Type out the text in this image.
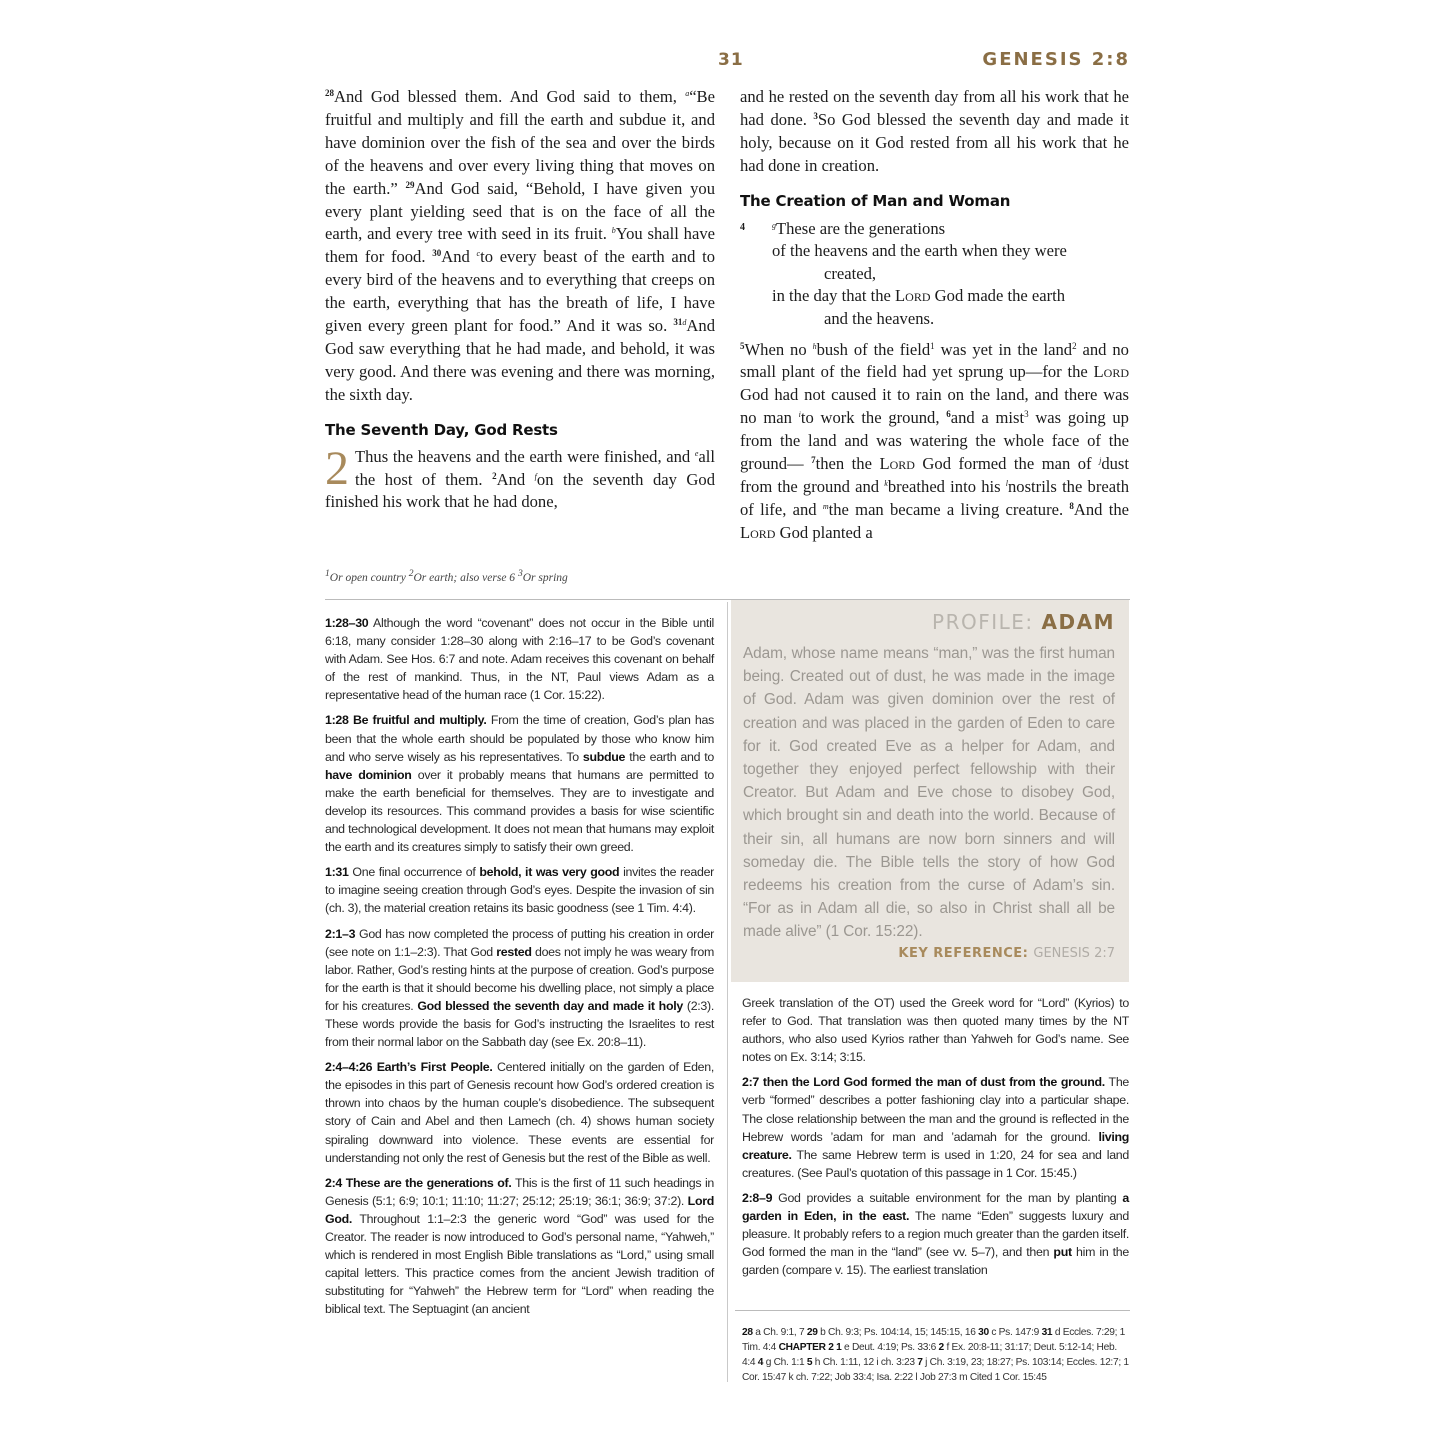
31	GENESIS 2:8

$^{28}$And God blessed them. And God said to them, $^a$“Be fruitful and multiply and fill the earth and subdue it, and have dominion over the fish of the sea and over the birds of the heavens and over every living thing that moves on the earth.” $^{29}$And God said, “Behold, I have given you every plant yielding seed that is on the face of all the earth, and every tree with seed in its fruit. $^b$You shall have them for food. $^{30}$And $^c$to every beast of the earth and to every bird of the heavens and to everything that creeps on the earth, everything that has the breath of life, I have given every green plant for food.” And it was so. $^{31d}$And God saw everything that he had made, and behold, it was very good. And there was evening and there was morning, the sixth day.

The Seventh Day, God Rests

2 Thus the heavens and the earth were finished, and $^e$all the host of them. $^2$And $^f$on the seventh day God finished his work that he had done,

and he rested on the seventh day from all his work that he had done. $^3$So God blessed the seventh day and made it holy, because on it God rested from all his work that he had done in creation.

The Creation of Man and Woman
4	$^g$These are the generations
of the heavens and the earth when they were
created,
in the day that the Lord God made the earth
and the heavens.

$^5$When no $^h$bush of the field$^1$ was yet in the land$^2$ and no small plant of the field had yet sprung up—for the Lord God had not caused it to rain on the land, and there was no man $^i$to work the ground, $^6$and a mist$^3$ was going up from the land and was watering the whole face of the ground— $^7$then the Lord God formed the man of $^j$dust from the ground and $^k$breathed into his $^l$nostrils the breath of life, and $^m$the man became a living creature. $^8$And the Lord God planted a

$^1$Or open country $^2$Or earth; also verse 6 $^3$Or spring

1:28–30 Although the word “covenant” does not occur in the Bible until 6:18, many consider 1:28–30 along with 2:16–17 to be God’s covenant with Adam. See Hos. 6:7 and note. Adam receives this covenant on behalf of the rest of mankind. Thus, in the NT, Paul views Adam as a representative head of the human race (1 Cor. 15:22).

1:28 Be fruitful and multiply. From the time of creation, God’s plan has been that the whole earth should be populated by those who know him and who serve wisely as his representatives. To subdue the earth and to have dominion over it probably means that humans are permitted to make the earth beneficial for themselves. They are to investigate and develop its resources. This command provides a basis for wise scientific and technological development. It does not mean that humans may exploit the earth and its creatures simply to satisfy their own greed.

1:31 One final occurrence of behold, it was very good invites the reader to imagine seeing creation through God’s eyes. Despite the invasion of sin (ch. 3), the material creation retains its basic goodness (see 1 Tim. 4:4).

2:1–3 God has now completed the process of putting his creation in order (see note on 1:1–2:3). That God rested does not imply he was weary from labor. Rather, God’s resting hints at the purpose of creation. God’s purpose for the earth is that it should become his dwelling place, not simply a place for his creatures. God blessed the seventh day and made it holy (2:3). These words provide the basis for God’s instructing the Israelites to rest from their normal labor on the Sabbath day (see Ex. 20:8–11).

2:4–4:26 Earth’s First People. Centered initially on the garden of Eden, the episodes in this part of Genesis recount how God’s ordered creation is thrown into chaos by the human couple’s disobedience. The subsequent story of Cain and Abel and then Lamech (ch. 4) shows human society spiraling downward into violence. These events are essential for understanding not only the rest of Genesis but the rest of the Bible as well.

2:4 These are the generations of. This is the first of 11 such headings in Genesis (5:1; 6:9; 10:1; 11:10; 11:27; 25:12; 25:19; 36:1; 36:9; 37:2). Lord God. Throughout 1:1–2:3 the generic word “God” was used for the Creator. The reader is now introduced to God’s personal name, “Yahweh,” which is rendered in most English Bible translations as “Lord,” using small capital letters. This practice comes from the ancient Jewish tradition of substituting for “Yahweh” the Hebrew term for “Lord” when reading the biblical text. The Septuagint (an ancient

PROFILE: ADAM
Adam, whose name means “man,” was the first human being. Created out of dust, he was made in the image of God. Adam was given dominion over the rest of creation and was placed in the garden of Eden to care for it. God created Eve as a helper for Adam, and together they enjoyed perfect fellowship with their Creator. But Adam and Eve chose to disobey God, which brought sin and death into the world. Because of their sin, all humans are now born sinners and will someday die. The Bible tells the story of how God redeems his creation from the curse of Adam’s sin. “For as in Adam all die, so also in Christ shall all be made alive” (1 Cor. 15:22).
KEY REFERENCE: GENESIS 2:7

Greek translation of the OT) used the Greek word for “Lord” (Kyrios) to refer to God. That translation was then quoted many times by the NT authors, who also used Kyrios rather than Yahweh for God’s name. See notes on Ex. 3:14; 3:15.

2:7 then the Lord God formed the man of dust from the ground. The verb “formed” describes a potter fashioning clay into a particular shape. The close relationship between the man and the ground is reflected in the Hebrew words ’adam for man and ’adamah for the ground. living creature. The same Hebrew term is used in 1:20, 24 for sea and land creatures. (See Paul’s quotation of this passage in 1 Cor. 15:45.)

2:8–9 God provides a suitable environment for the man by planting a garden in Eden, in the east. The name “Eden” suggests luxury and pleasure. It probably refers to a region much greater than the garden itself. God formed the man in the “land” (see vv. 5–7), and then put him in the garden (compare v. 15). The earliest translation

28 a Ch. 9:1, 7 29 b Ch. 9:3; Ps. 104:14, 15; 145:15, 16 30 c Ps. 147:9 31 d Eccles. 7:29; 1 Tim. 4:4 CHAPTER 2 1 e Deut. 4:19; Ps. 33:6 2 f Ex. 20:8-11; 31:17; Deut. 5:12-14; Heb. 4:4 4 g Ch. 1:1 5 h Ch. 1:11, 12 i ch. 3:23 7 j Ch. 3:19, 23; 18:27; Ps. 103:14; Eccles. 12:7; 1 Cor. 15:47 k ch. 7:22; Job 33:4; Isa. 2:22 l Job 27:3 m Cited 1 Cor. 15:45
